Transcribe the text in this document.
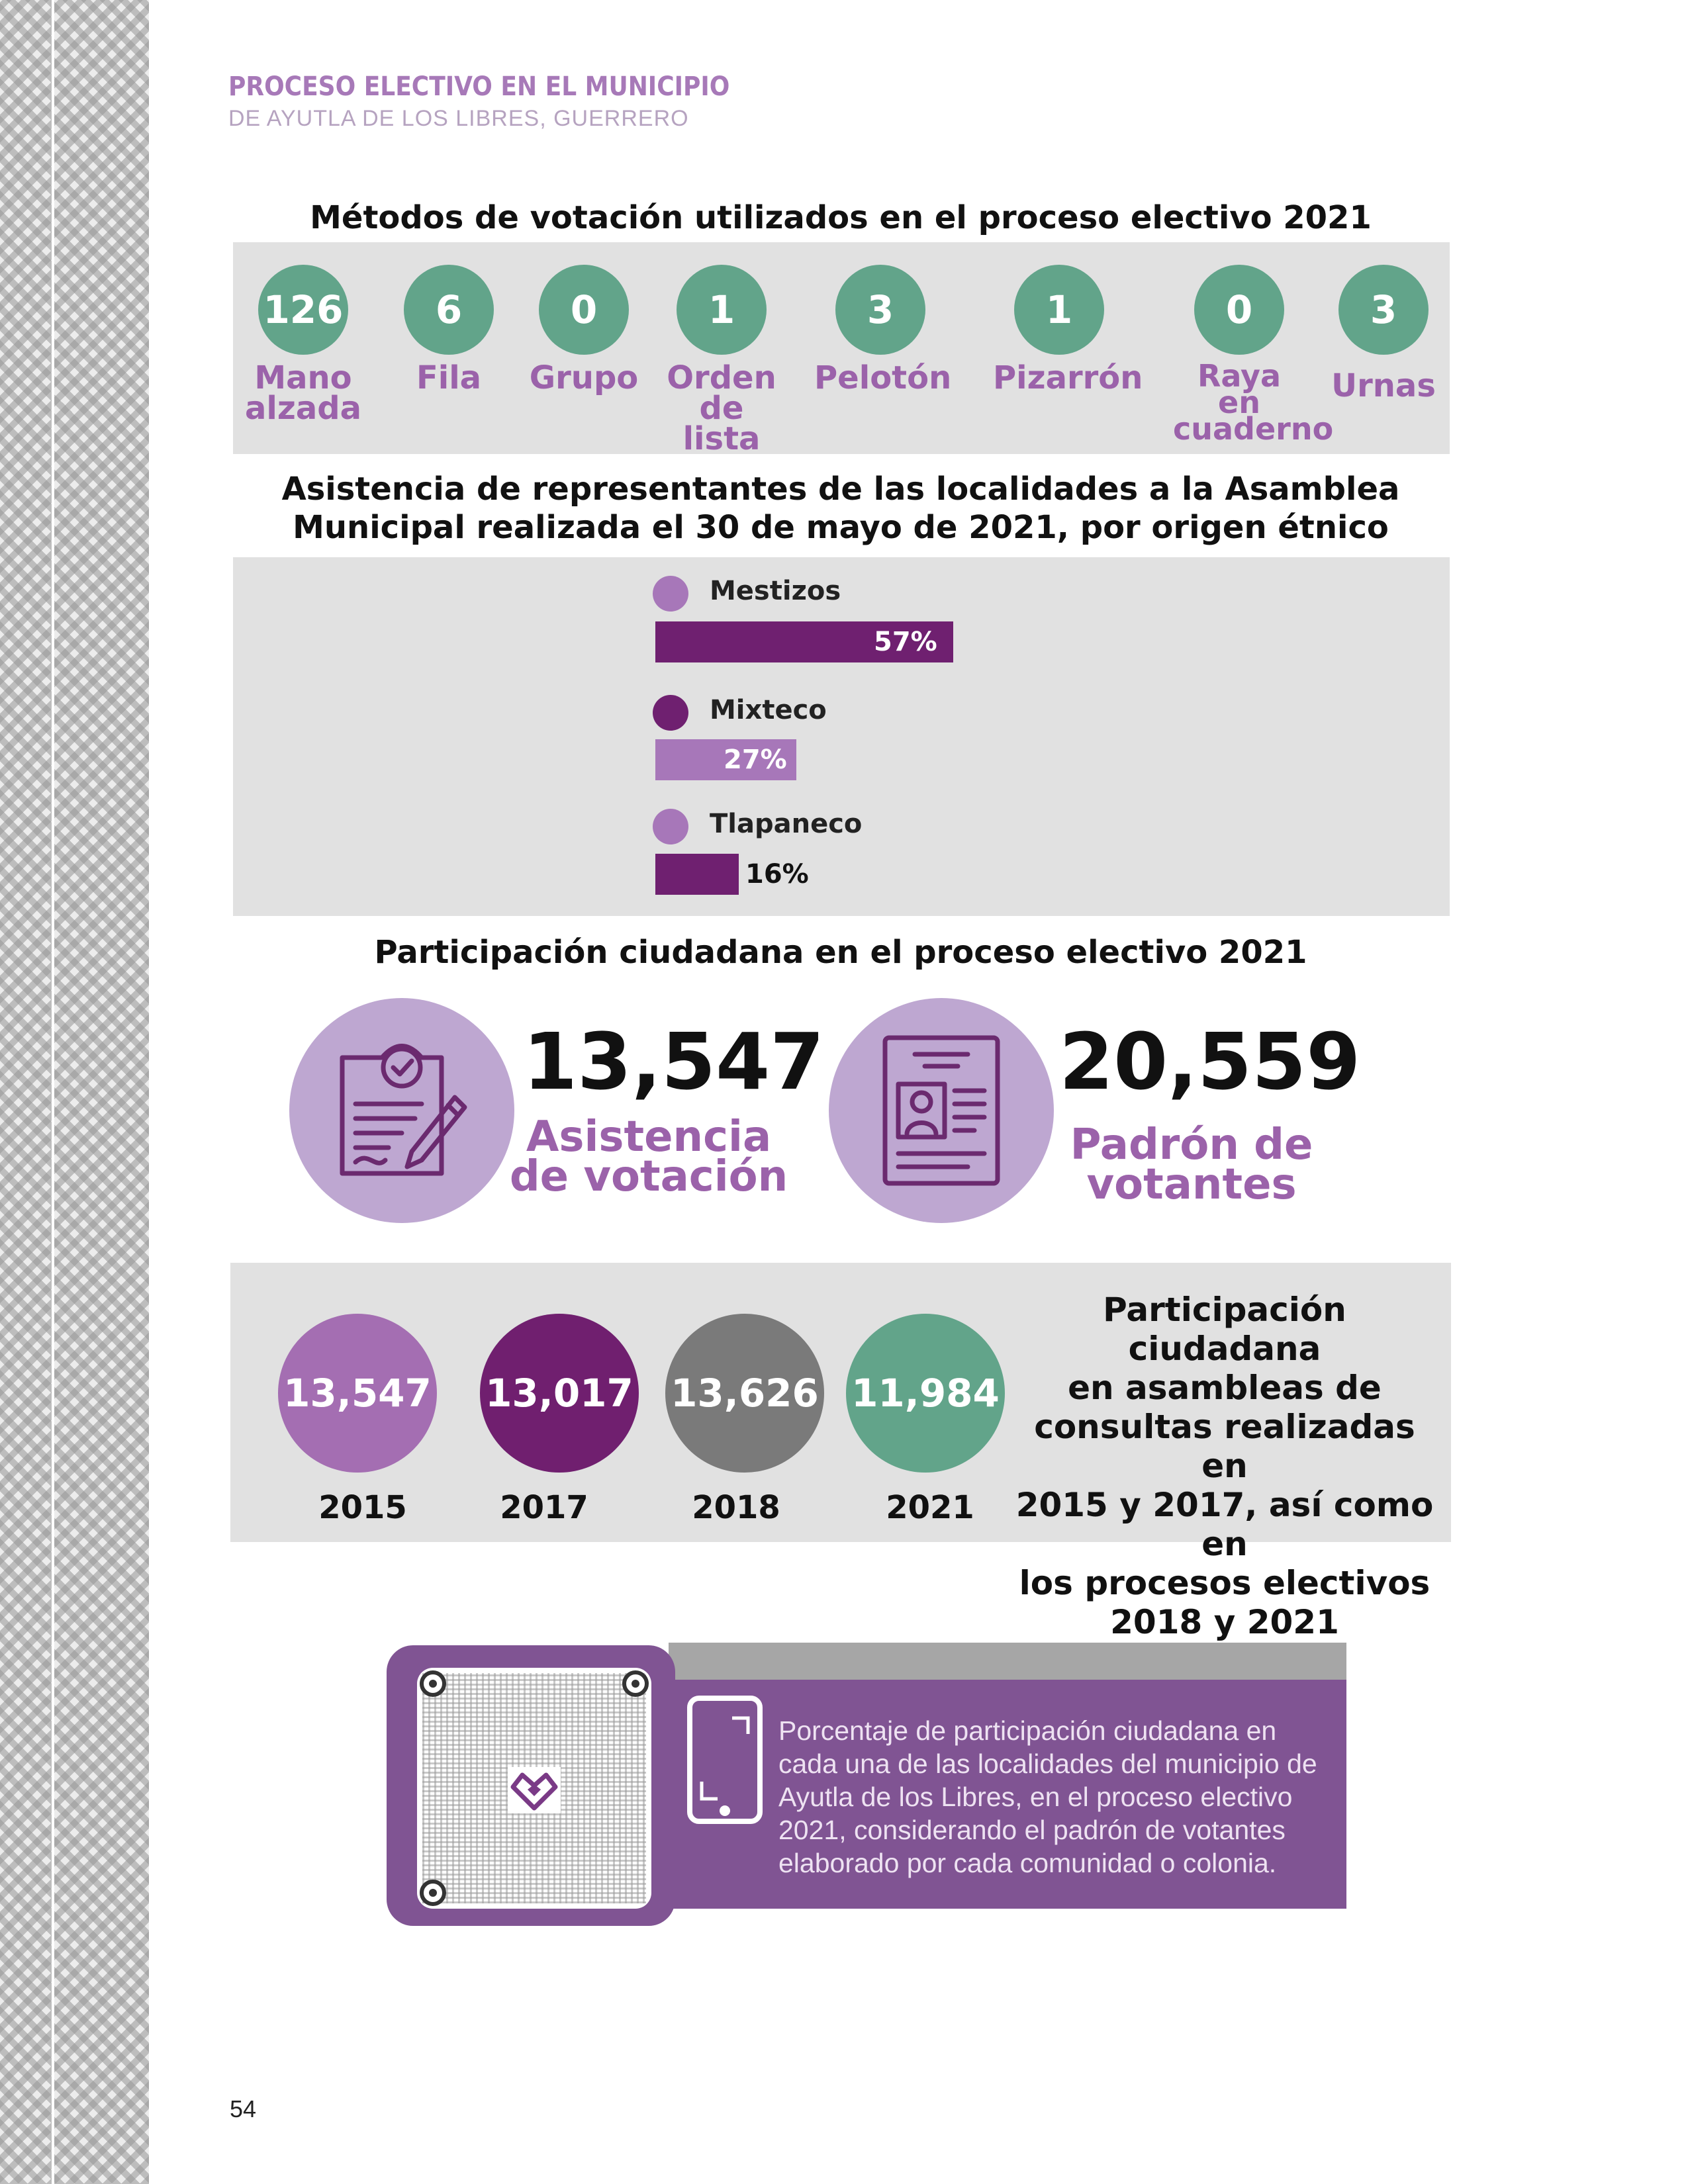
PROCESO ELECTIVO EN EL MUNICIPIO
DE AYUTLA DE LOS LIBRES, GUERRERO
Métodos de votación utilizados en el proceso electivo 2021
126
Mano
alzada
6
Fila
0
Grupo
1
Orden de
lista
3
Pelotón
1
Pizarrón
0
Raya en
cuaderno
3
Urnas
Asistencia de representantes de las localidades a la Asamblea
Municipal realizada el 30 de mayo de 2021, por origen étnico
Mestizos
57%
Mixteco
27%
Tlapaneco
16%
Participación ciudadana en el proceso electivo 2021
13,547
Asistencia
de votación
20,559
Padrón de
votantes
13,547
2015
13,017
2017
13,626
2018
11,984
2021
Participación ciudadana
en asambleas de
consultas realizadas en
2015 y 2017, así como en
los procesos electivos
2018 y 2021
Porcentaje de participación ciudadana en
cada una de las localidades del municipio de
Ayutla de los Libres, en el proceso electivo
2021, considerando el padrón de votantes
elaborado por cada comunidad o colonia.
54
